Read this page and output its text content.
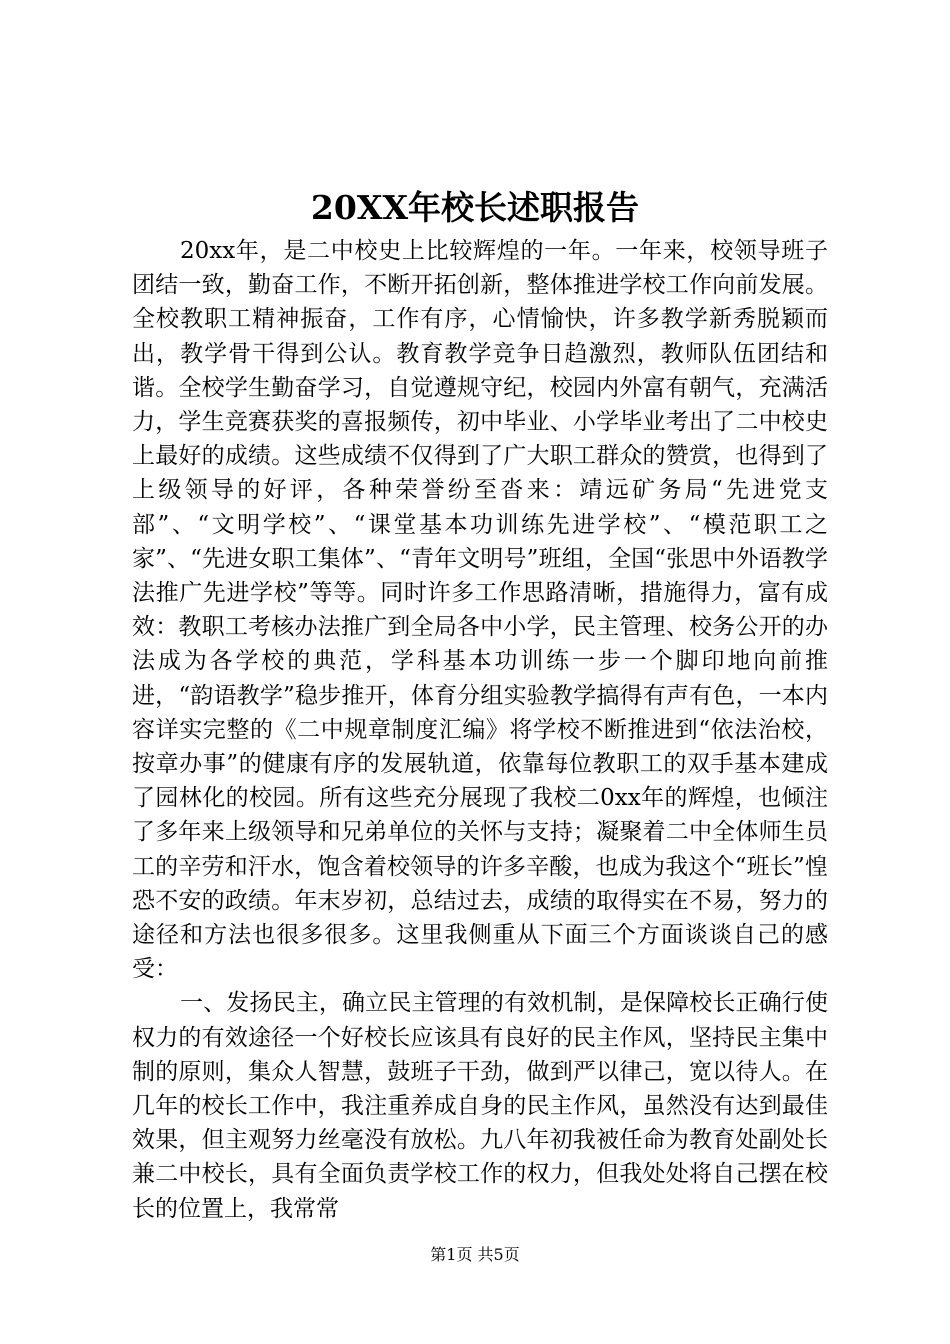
20XX年校长述职报告

20xx年，是二中校史上比较辉煌的一年。一年来，校领导班子团结一致，勤奋工作，不断开拓创新，整体推进学校工作向前发展。全校教职工精神振奋，工作有序，心情愉快，许多教学新秀脱颖而出，教学骨干得到公认。教育教学竞争日趋激烈，教师队伍团结和谐。全校学生勤奋学习，自觉遵规守纪，校园内外富有朝气，充满活力，学生竞赛获奖的喜报频传，初中毕业、小学毕业考出了二中校史上最好的成绩。这些成绩不仅得到了广大职工群众的赞赏，也得到了上级领导的好评，各种荣誉纷至沓来：靖远矿务局“先进党支部”、“文明学校”、“课堂基本功训练先进学校”、“模范职工之家”、“先进女职工集体”、“青年文明号”班组，全国“张思中外语教学法推广先进学校”等等。同时许多工作思路清晰，措施得力，富有成效：教职工考核办法推广到全局各中小学，民主管理、校务公开的办法成为各学校的典范，学科基本功训练一步一个脚印地向前推进，“韵语教学”稳步推开，体育分组实验教学搞得有声有色，一本内容详实完整的《二中规章制度汇编》将学校不断推进到“依法治校，按章办事”的健康有序的发展轨道，依靠每位教职工的双手基本建成了园林化的校园。所有这些充分展现了我校二0xx年的辉煌，也倾注了多年来上级领导和兄弟单位的关怀与支持；凝聚着二中全体师生员工的辛劳和汗水，饱含着校领导的许多辛酸，也成为我这个“班长”惶恐不安的政绩。年末岁初，总结过去，成绩的取得实在不易，努力的途径和方法也很多很多。这里我侧重从下面三个方面谈谈自己的感受：

一、发扬民主，确立民主管理的有效机制，是保障校长正确行使权力的有效途径一个好校长应该具有良好的民主作风，坚持民主集中制的原则，集众人智慧，鼓班子干劲，做到严以律己，宽以待人。在几年的校长工作中，我注重养成自身的民主作风，虽然没有达到最佳效果，但主观努力丝毫没有放松。九八年初我被任命为教育处副处长兼二中校长，具有全面负责学校工作的权力，但我处处将自己摆在校长的位置上，我常常

第1页 共5页
